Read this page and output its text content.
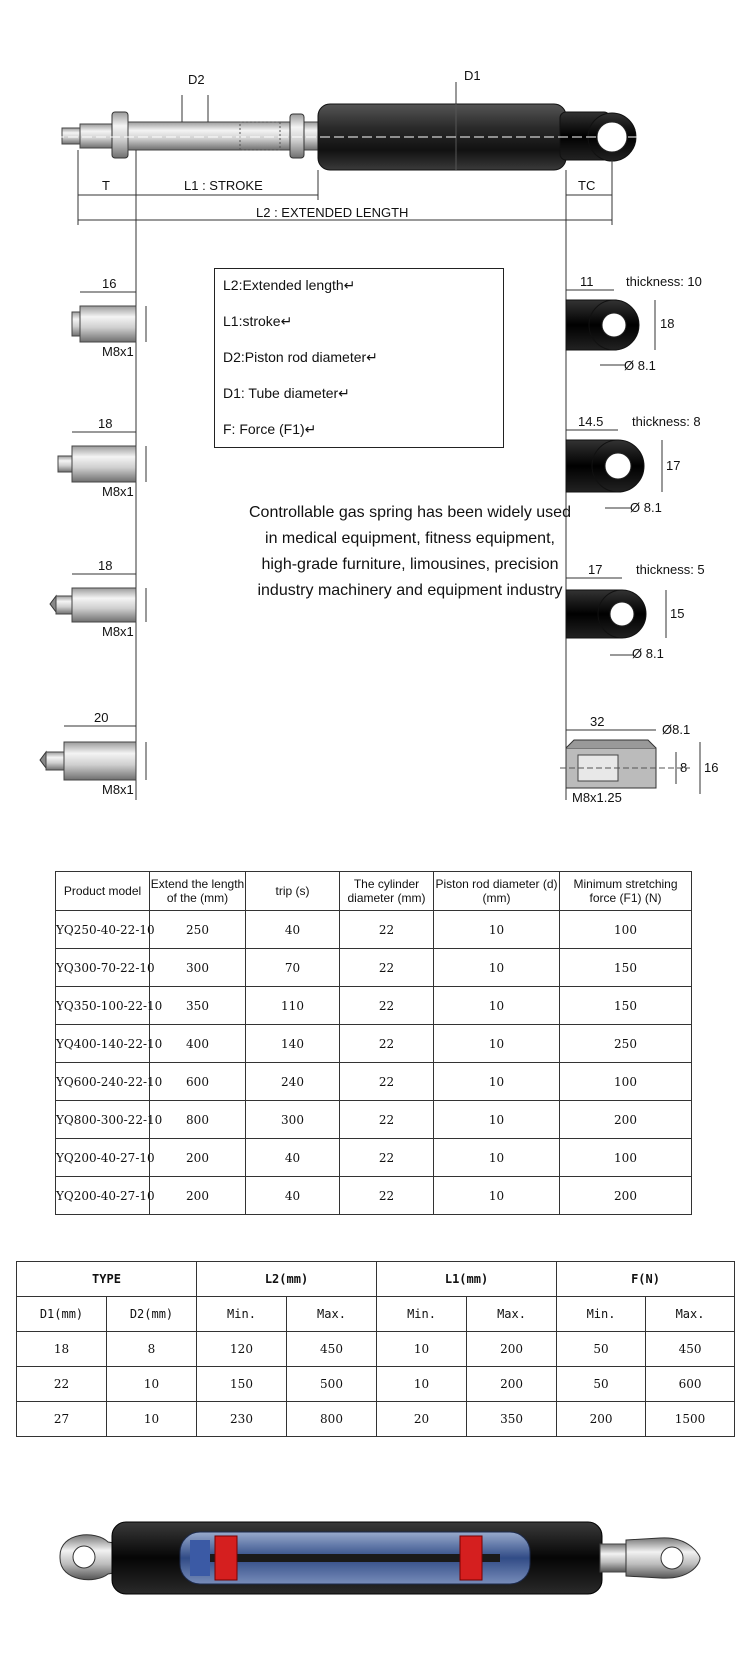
D2	D1
T	L1 : STROKE	TC
L2 : EXTENDED LENGTH
16
M8x1
18
M8x1
18
M8x1
20
M8x1
11	thickness: 10
18
Ø 8.1
14.5 thickness: 8
17
Ø 8.1
17	thickness: 5
15
Ø 8.1
32
Ø8.1
8 16
M8x1.25
L2:Extended length↵
L1:stroke↵
D2:Piston rod diameter↵
D1: Tube diameter↵
F: Force (F1)↵
Controllable gas spring has been widely used
in medical equipment, fitness equipment,
high-grade furniture, limousines, precision
industry machinery and equipment industry
Product model	Extend the length of the (mm)	trip (s)	The cylinder diameter (mm)	Piston rod diameter (d) (mm)	Minimum stretching force (F1) (N)
YQ250-40-22-10	250	40	22	10	100
YQ300-70-22-10	300	70	22	10	150
YQ350-100-22-10	350	110	22	10	150
YQ400-140-22-10	400	140	22	10	250
YQ600-240-22-10	600	240	22	10	100
YQ800-300-22-10	800	300	22	10	200
YQ200-40-27-10	200	40	22	10	100
YQ200-40-27-10	200	40	22	10	200
TYPE		L2(mm)		L1(mm)		F(N)	
D1(mm)	D2(mm)	Min.	Max.	Min.	Max.	Min.	Max.
18	8	120	450	10	200	50	450
22	10	150	500	10	200	50	600
27	10	230	800	20	350	200	1500
